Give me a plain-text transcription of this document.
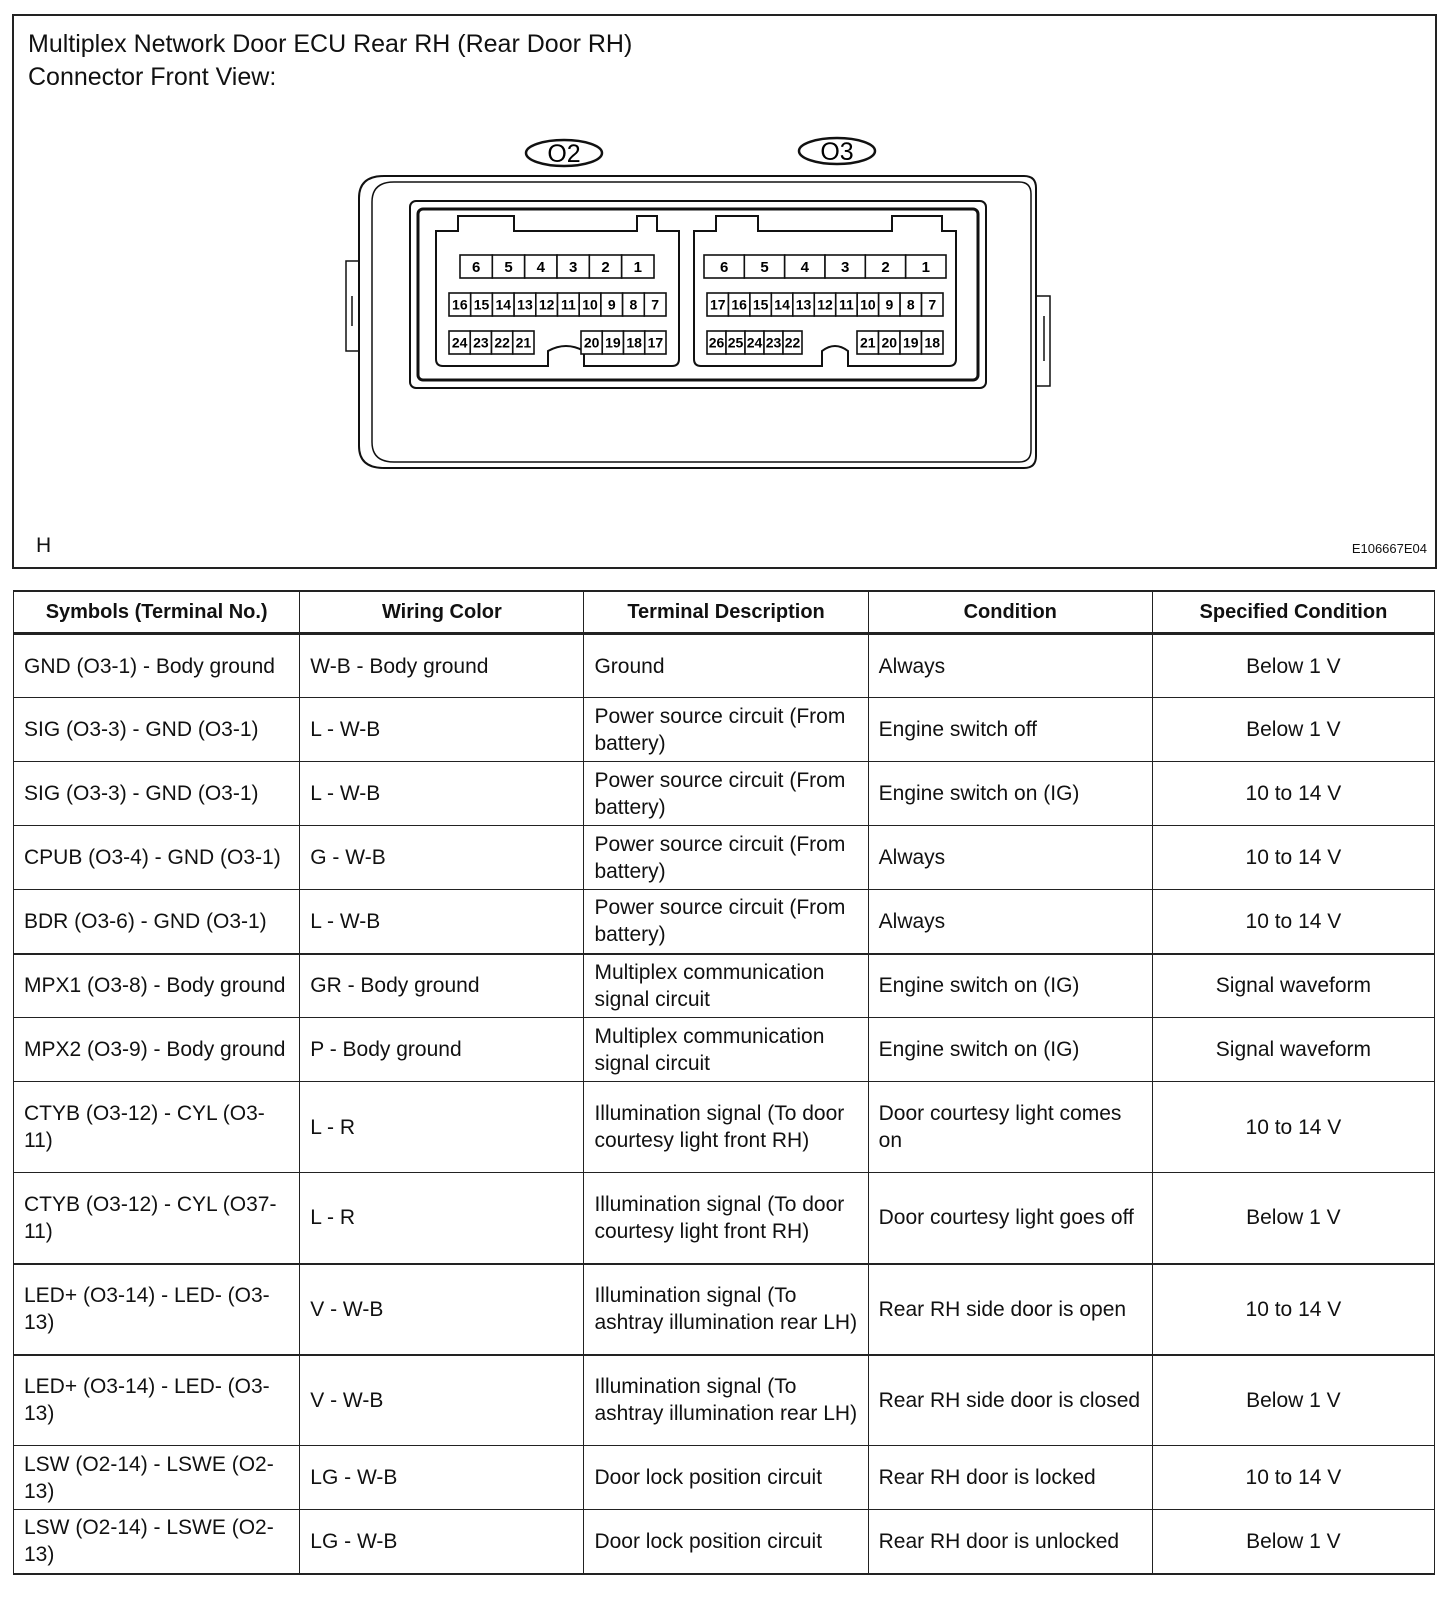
Multiplex Network Door ECU Rear RH (Rear Door RH)
Connector Front View:
O2	O3
6 5 4 3 2 1
16 15 14 13 12 11 10 9 8 7
24 23 22 21	20 19 18 17
6 5 4 3 2 1
17 16 15 14 13 12 11 10 9 8 7
26 25 24 23 22	21 20 19 18
H	E106667E04
Symbols (Terminal No.)	Wiring Color	Terminal Description	Condition	Specified Condition
GND (O3-1) - Body ground	W-B - Body ground	Ground	Always	Below 1 V
SIG (O3-3) - GND (O3-1)	L - W-B	Power source circuit (From battery)	Engine switch off	Below 1 V
SIG (O3-3) - GND (O3-1)	L - W-B	Power source circuit (From battery)	Engine switch on (IG)	10 to 14 V
CPUB (O3-4) - GND (O3-1)	G - W-B	Power source circuit (From battery)	Always	10 to 14 V
BDR (O3-6) - GND (O3-1)	L - W-B	Power source circuit (From battery)	Always	10 to 14 V
MPX1 (O3-8) - Body ground	GR - Body ground	Multiplex communication signal circuit	Engine switch on (IG)	Signal waveform
MPX2 (O3-9) - Body ground	P - Body ground	Multiplex communication signal circuit	Engine switch on (IG)	Signal waveform
CTYB (O3-12) - CYL (O3-11)	L - R	Illumination signal (To door courtesy light front RH)	Door courtesy light comes on	10 to 14 V
CTYB (O3-12) - CYL (O37-11)	L - R	Illumination signal (To door courtesy light front RH)	Door courtesy light goes off	Below 1 V
LED+ (O3-14) - LED- (O3-13)	V - W-B	Illumination signal (To ashtray illumination rear LH)	Rear RH side door is open	10 to 14 V
LED+ (O3-14) - LED- (O3-13)	V - W-B	Illumination signal (To ashtray illumination rear LH)	Rear RH side door is closed	Below 1 V
LSW (O2-14) - LSWE (O2-13)	LG - W-B	Door lock position circuit	Rear RH door is locked	10 to 14 V
LSW (O2-14) - LSWE (O2-13)	LG - W-B	Door lock position circuit	Rear RH door is unlocked	Below 1 V
